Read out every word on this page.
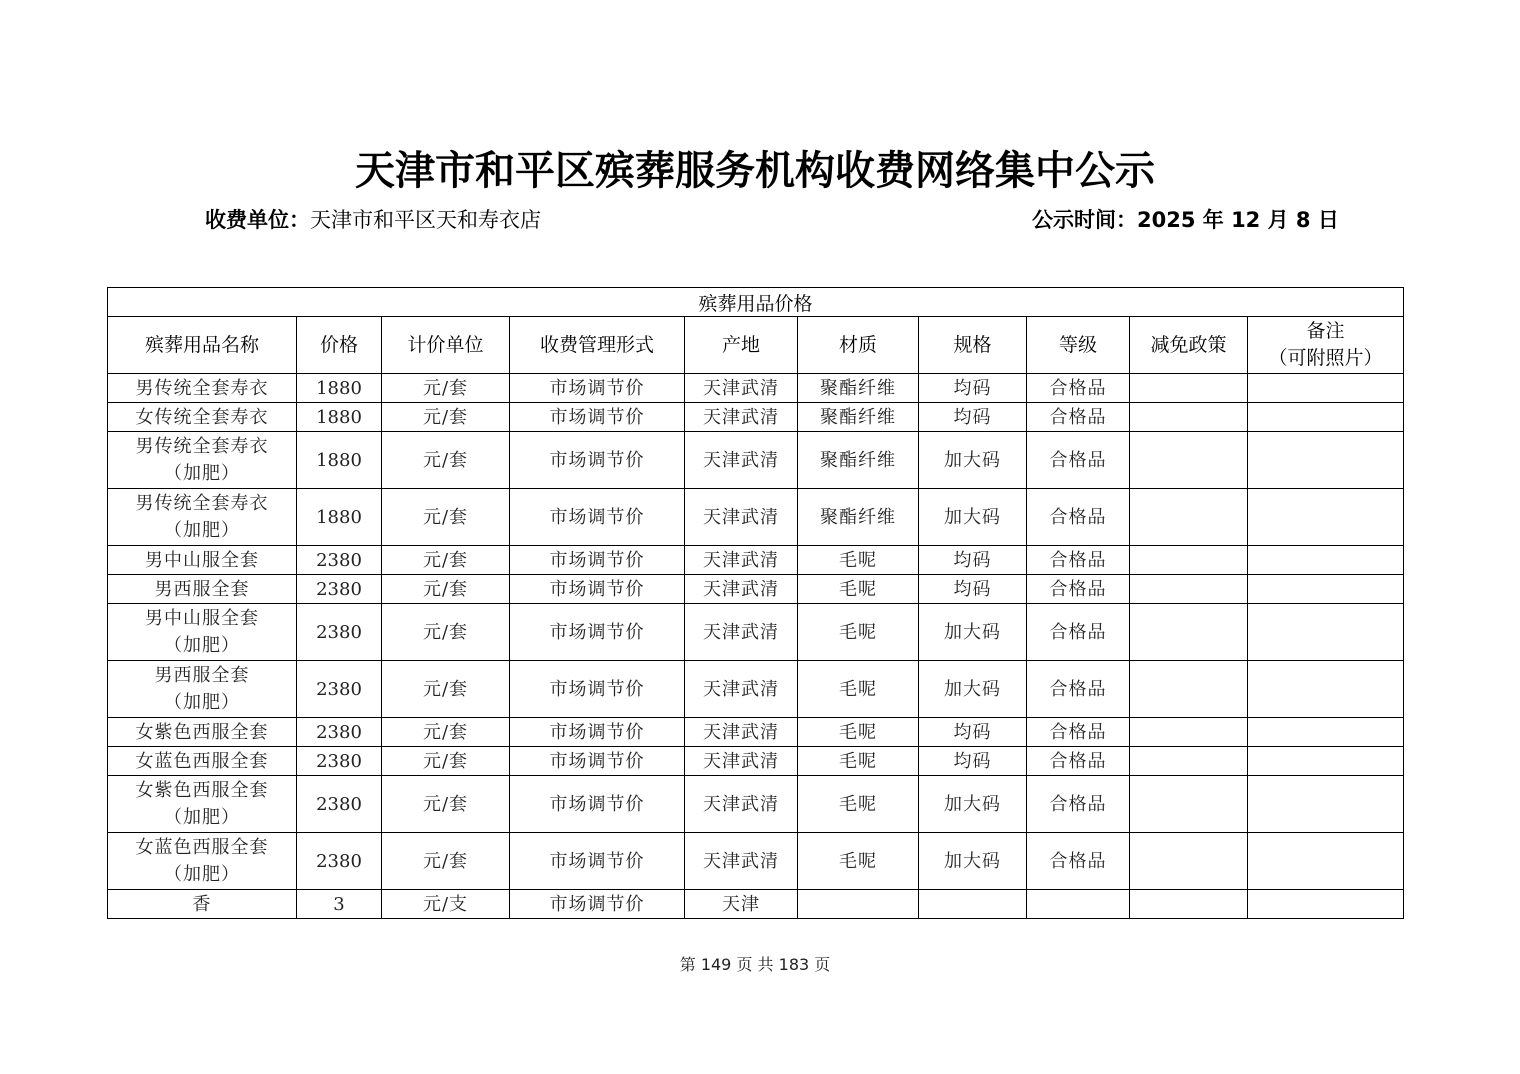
天津市和平区殡葬服务机构收费网络集中公示
收费单位：天津市和平区天和寿衣店	公示时间：2025 年 12 月 8 日
殡葬用品价格									
殡葬用品名称	价格	计价单位	收费管理形式	产地	材质	规格	等级	减免政策	备注
（可附照片）

男传统全套寿衣	1880	元/套	市场调节价	天津武清	聚酯纤维	均码	合格品		

女传统全套寿衣	1880	元/套	市场调节价	天津武清	聚酯纤维	均码	合格品		

男传统全套寿衣
（加肥）	1880	元/套	市场调节价	天津武清	聚酯纤维	加大码	合格品		

男传统全套寿衣
（加肥）	1880	元/套	市场调节价	天津武清	聚酯纤维	加大码	合格品		

男中山服全套	2380	元/套	市场调节价	天津武清	毛呢	均码	合格品		

男西服全套	2380	元/套	市场调节价	天津武清	毛呢	均码	合格品		

男中山服全套
（加肥）	2380	元/套	市场调节价	天津武清	毛呢	加大码	合格品		

男西服全套
（加肥）	2380	元/套	市场调节价	天津武清	毛呢	加大码	合格品		

女紫色西服全套	2380	元/套	市场调节价	天津武清	毛呢	均码	合格品		

女蓝色西服全套	2380	元/套	市场调节价	天津武清	毛呢	均码	合格品		

女紫色西服全套
（加肥）	2380	元/套	市场调节价	天津武清	毛呢	加大码	合格品		

女蓝色西服全套
（加肥）	2380	元/套	市场调节价	天津武清	毛呢	加大码	合格品		

香	3	元/支	市场调节价	天津					
第 149 页 共 183 页
